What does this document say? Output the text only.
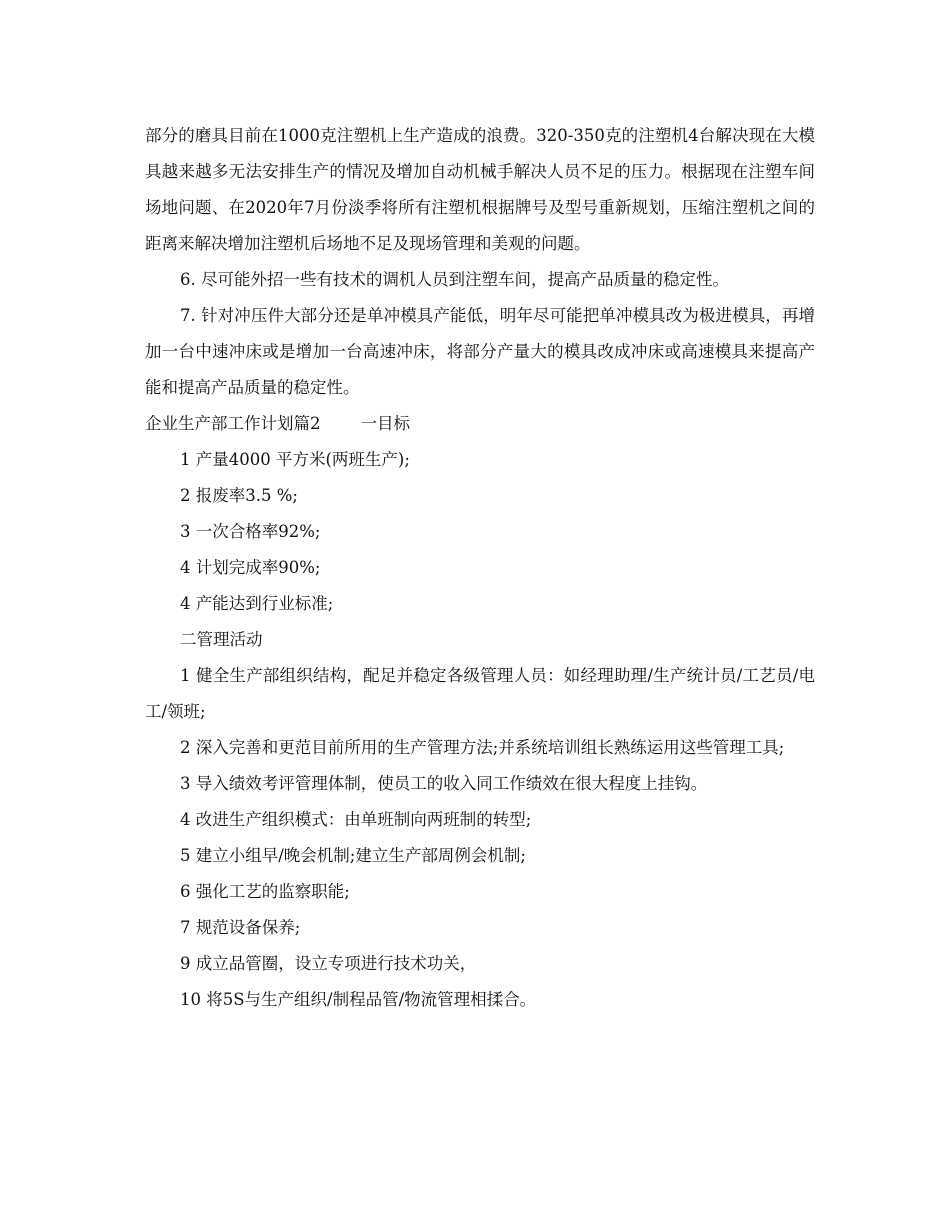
部分的磨具目前在1000克注塑机上生产造成的浪费。320-350克的注塑机4台解决现在大模具越来越多无法安排生产的情况及增加自动机械手解决人员不足的压力。根据现在注塑车间场地问题、在2020年7月份淡季将所有注塑机根据牌号及型号重新规划，压缩注塑机之间的距离来解决增加注塑机后场地不足及现场管理和美观的问题。

6. 尽可能外招一些有技术的调机人员到注塑车间，提高产品质量的稳定性。

7. 针对冲压件大部分还是单冲模具产能低，明年尽可能把单冲模具改为极进模具，再增加一台中速冲床或是增加一台高速冲床，将部分产量大的模具改成冲床或高速模具来提高产能和提高产品质量的稳定性。

企业生产部工作计划篇2 一目标

1 产量4000 平方米(两班生产);

2 报废率3.5 %;

3 一次合格率92%;

4 计划完成率90%;

4 产能达到行业标准;

二管理活动

1 健全生产部组织结构，配足并稳定各级管理人员：如经理助理/生产统计员/工艺员/电工/领班;

2 深入完善和更范目前所用的生产管理方法;并系统培训组长熟练运用这些管理工具;

3 导入绩效考评管理体制，使员工的收入同工作绩效在很大程度上挂钩。

4 改进生产组织模式：由单班制向两班制的转型;

5 建立小组早/晚会机制;建立生产部周例会机制;

6 强化工艺的监察职能;

7 规范设备保养;

9 成立品管圈，设立专项进行技术功关，

10 将5S与生产组织/制程品管/物流管理相揉合。
